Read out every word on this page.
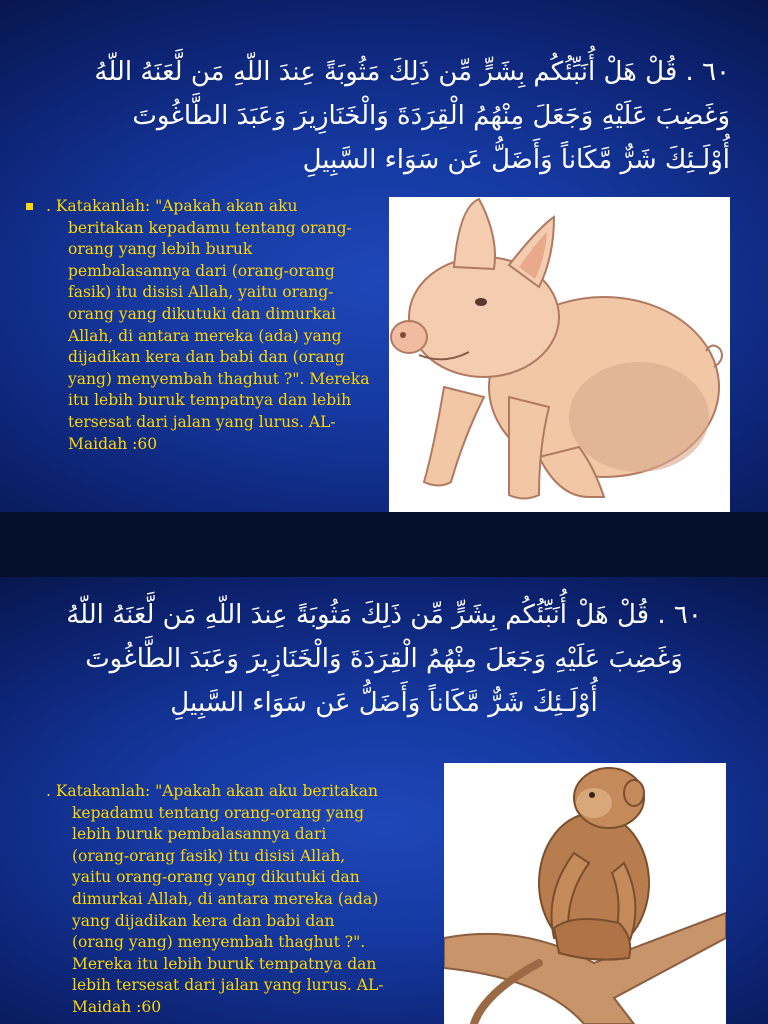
٦٠ . قُلْ هَلْ أُنَبِّئُكُم بِشَرٍّ مِّن ذَلِكَ مَثُوبَةً عِندَ اللّهِ مَن لَّعَنَهُ اللّهُ
وَغَضِبَ عَلَيْهِ وَجَعَلَ مِنْهُمُ الْقِرَدَةَ وَالْخَنَازِيرَ وَعَبَدَ الطَّاغُوتَ
أُوْلَـئِكَ شَرٌّ مَّكَاناً وَأَضَلُّ عَن سَوَاء السَّبِيلِ

. Katakanlah: "Apakah akan aku beritakan kepadamu tentang orang-orang yang lebih buruk pembalasannya dari (orang-orang fasik) itu disisi Allah, yaitu orang-orang yang dikutuki dan dimurkai Allah, di antara mereka (ada) yang dijadikan kera dan babi dan (orang yang) menyembah thaghut ?". Mereka itu lebih buruk tempatnya dan lebih tersesat dari jalan yang lurus. AL-Maidah :60

٦٠ . قُلْ هَلْ أُنَبِّئُكُم بِشَرٍّ مِّن ذَلِكَ مَثُوبَةً عِندَ اللّهِ مَن لَّعَنَهُ اللّهُ
وَغَضِبَ عَلَيْهِ وَجَعَلَ مِنْهُمُ الْقِرَدَةَ وَالْخَنَازِيرَ وَعَبَدَ الطَّاغُوتَ
أُوْلَـئِكَ شَرٌّ مَّكَاناً وَأَضَلُّ عَن سَوَاء السَّبِيلِ

. Katakanlah: "Apakah akan aku beritakan kepadamu tentang orang-orang yang lebih buruk pembalasannya dari (orang-orang fasik) itu disisi Allah, yaitu orang-orang yang dikutuki dan dimurkai Allah, di antara mereka (ada) yang dijadikan kera dan babi dan (orang yang) menyembah thaghut ?". Mereka itu lebih buruk tempatnya dan lebih tersesat dari jalan yang lurus. AL-Maidah :60
